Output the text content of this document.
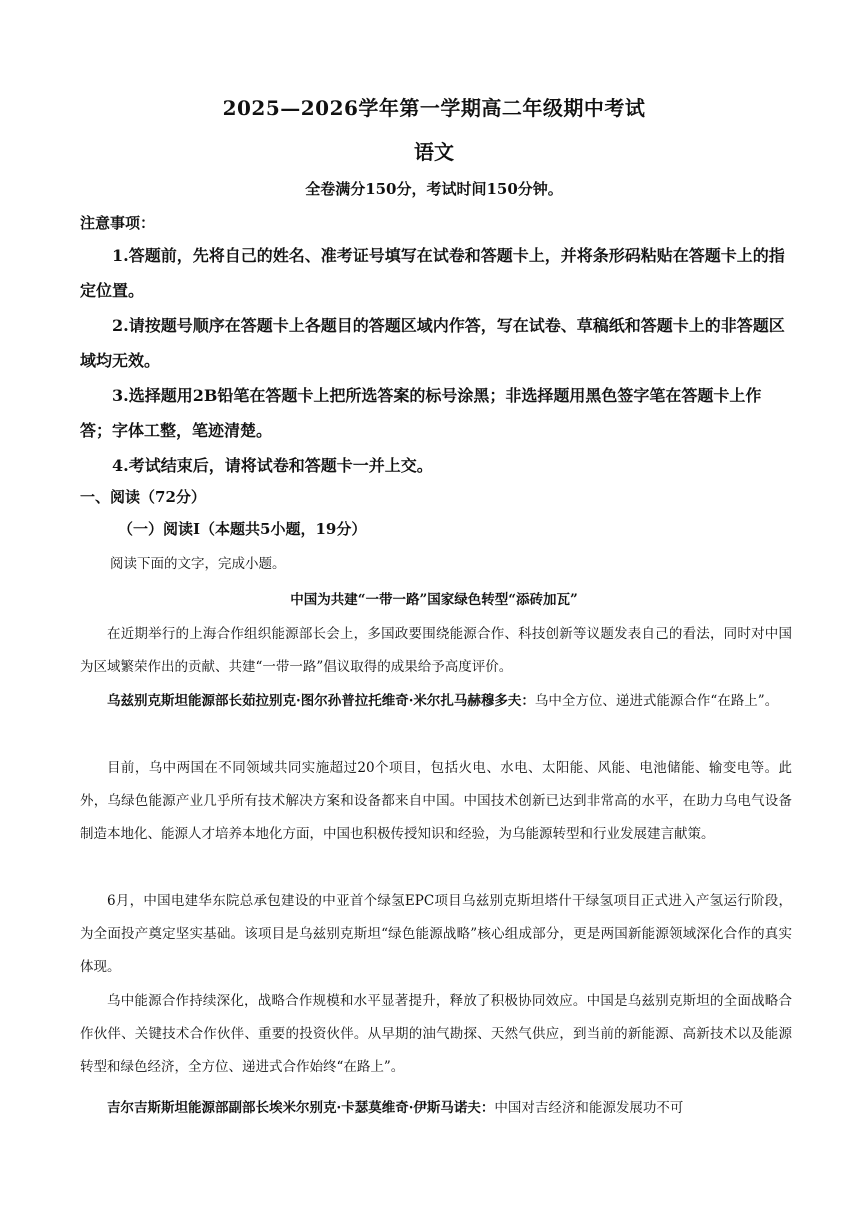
2025—2026学年第一学期高二年级期中考试
语文
全卷满分150分，考试时间150分钟。
注意事项：

1.答题前，先将自己的姓名、准考证号填写在试卷和答题卡上，并将条形码粘贴在答题卡上的指定位置。

2.请按题号顺序在答题卡上各题目的答题区域内作答，写在试卷、草稿纸和答题卡上的非答题区域均无效。

3.选择题用2B铅笔在答题卡上把所选答案的标号涂黑；非选择题用黑色签字笔在答题卡上作答；字体工整，笔迹清楚。

4.考试结束后，请将试卷和答题卡一并上交。

一、阅读（72分）
（一）阅读Ⅰ（本题共5小题，19分）
阅读下面的文字，完成小题。
中国为共建“一带一路”国家绿色转型“添砖加瓦”

在近期举行的上海合作组织能源部长会上，多国政要围绕能源合作、科技创新等议题发表自己的看法，同时对中国为区域繁荣作出的贡献、共建“一带一路”倡议取得的成果给予高度评价。

乌兹别克斯坦能源部长茹拉别克·图尔孙普拉托维奇·米尔扎马赫穆多夫：乌中全方位、递进式能源合作“在路上”。

目前，乌中两国在不同领域共同实施超过20个项目，包括火电、水电、太阳能、风能、电池储能、输变电等。此外，乌绿色能源产业几乎所有技术解决方案和设备都来自中国。中国技术创新已达到非常高的水平，在助力乌电气设备制造本地化、能源人才培养本地化方面，中国也积极传授知识和经验，为乌能源转型和行业发展建言献策。

6月，中国电建华东院总承包建设的中亚首个绿氢EPC项目乌兹别克斯坦塔什干绿氢项目正式进入产氢运行阶段，为全面投产奠定坚实基础。该项目是乌兹别克斯坦“绿色能源战略”核心组成部分，更是两国新能源领域深化合作的真实体现。

乌中能源合作持续深化，战略合作规模和水平显著提升，释放了积极协同效应。中国是乌兹别克斯坦的全面战略合作伙伴、关键技术合作伙伴、重要的投资伙伴。从早期的油气勘探、天然气供应，到当前的新能源、高新技术以及能源转型和绿色经济，全方位、递进式合作始终“在路上”。

吉尔吉斯斯坦能源部副部长埃米尔别克·卡瑟莫维奇·伊斯马诺夫：中国对吉经济和能源发展功不可
